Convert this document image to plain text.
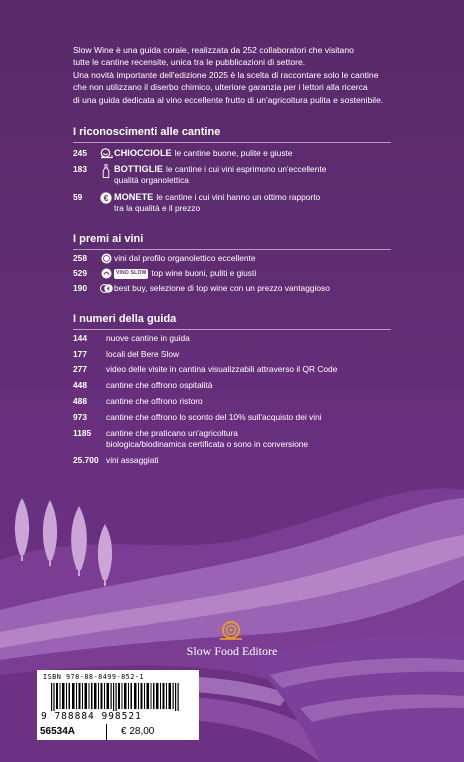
Slow Wine è una guida corale, realizzata da 252 collaboratori che visitano

tutte le cantine recensite, unica tra le pubblicazioni di settore.

Una novità importante dell'edizione 2025 è la scelta di raccontare solo le cantine

che non utilizzano il diserbo chimico, ulteriore garanzia per i lettori alla ricerca

di una guida dedicata al vino eccellente frutto di un'agricoltura pulita e sostenibile.

I riconoscimenti alle cantine
245	CHIOCCIOLE le cantine buone, pulite e giuste
183	BOTTIGLIE le cantine i cui vini esprimono un'eccellente
qualità organolettica
59	€ MONETE le cantine i cui vini hanno un ottimo rapporto
tra la qualità e il prezzo
I premi ai vini
258	vini dal profilo organolettico eccellente
529	VINO SLOW top wine buoni, puliti e giusti
190	€ best buy, selezione di top wine con un prezzo vantaggioso
I numeri della guida
144	nuove cantine in guida
177	locali del Bere Slow
277	video delle visite in cantina visualizzabili attraverso il QR Code
448	cantine che offrono ospitalità
488	cantine che offrono ristoro
973	cantine che offrono lo sconto del 10% sull'acquisto dei vini
1185	cantine che praticano un'agricoltura
biologica/biodinamica certificata o sono in conversione
25.700 vini assaggiati
Slow Food Editore
ISBN 978-88-8499-852-1
9 788884 998521
56534A	€ 28,00
